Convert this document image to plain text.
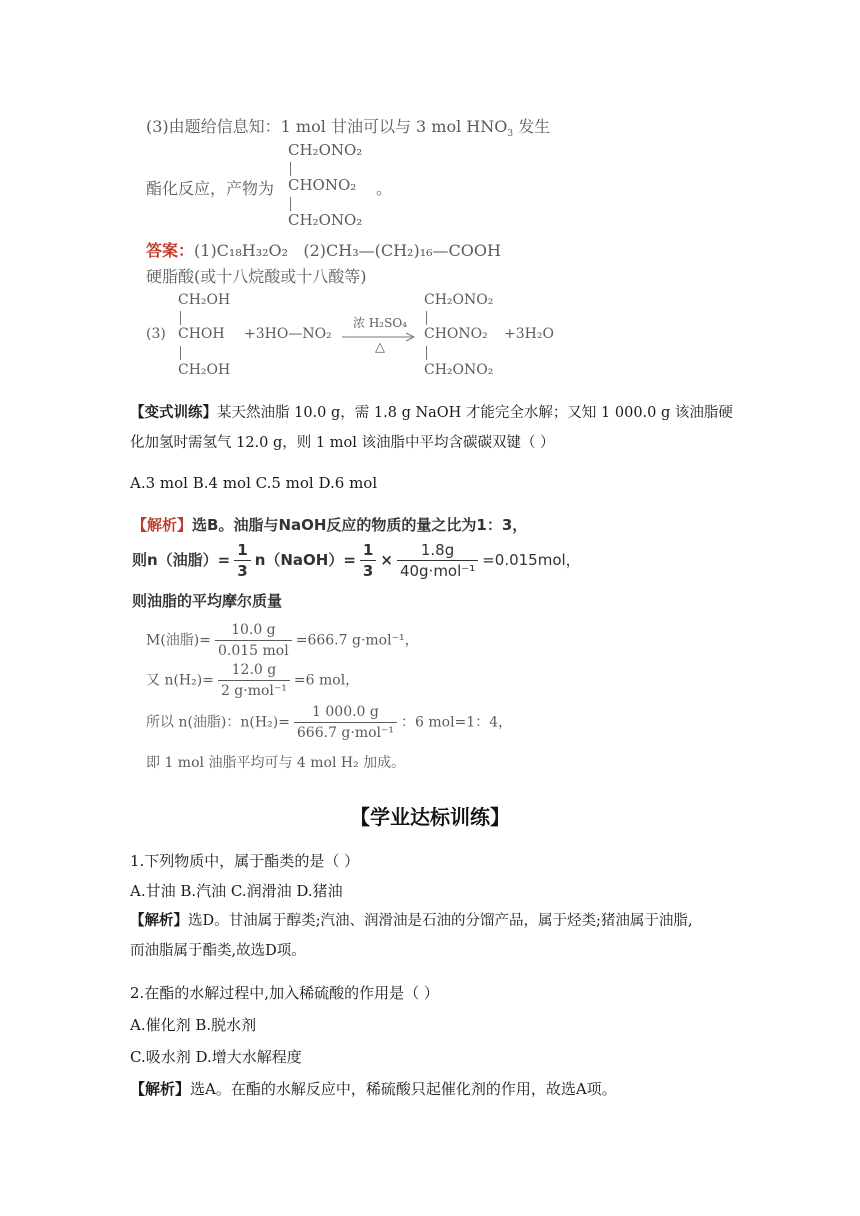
(3)由题给信息知：1 mol 甘油可以与 3 mol $HNO_3$ 发生
CH₂ONO₂
酯化反应，产物为 CHONO₂ 。
CH₂ONO₂
答案：(1)C₁₈H₃₂O₂ (2)CH₃—(CH₂)₁₆—COOH
硬脂酸(或十八烷酸或十八酸等)
CH₂OH
(3) CHOH +3HO—NO₂
CH₂OH
浓 H₂SO₄
△
CH₂ONO₂
CHONO₂ +3H₂O
CH₂ONO₂
【变式训练】某天然油脂 10.0 g，需 1.8 g NaOH 才能完全水解；又知 1 000.0 g 该油脂硬
化加氢时需氢气 12.0 g，则 1 mol 该油脂中平均含碳碳双键（ ）
A.3 mol B.4 mol C.5 mol D.6 mol
【解析】选B。油脂与NaOH反应的物质的量之比为1：3，
则n（油脂）= $\frac{1}{3}$ n（NaOH）= $\frac{1}{3} \times \frac{1.8g}{\text{40g·mol⁻¹}} =0.015mol$，
则油脂的平均摩尔质量
M(油脂)= $\frac{10.0 g}{\text{0.015 mol}} =666.7$ g·mol⁻¹，
又 $n(H_2)= \frac{12.0 g}{\text{2 g·mol⁻¹}} =6$ mol，
所以 n(油脂)：$n(H_2)= \frac{1 000.0 g}{\text{666.7 g·mol⁻¹}}$ ：6 mol=1：4，
即 1 mol 油脂平均可与 4 mol H₂ 加成。
【学业达标训练】
1.下列物质中，属于酯类的是（ ）
A.甘油 B.汽油 C.润滑油 D.猪油
【解析】选D。甘油属于醇类;汽油、润滑油是石油的分馏产品，属于烃类;猪油属于油脂,
而油脂属于酯类,故选D项。
2.在酯的水解过程中,加入稀硫酸的作用是（ ）
A.催化剂 B.脱水剂
C.吸水剂 D.增大水解程度
【解析】选A。在酯的水解反应中，稀硫酸只起催化剂的作用，故选A项。
